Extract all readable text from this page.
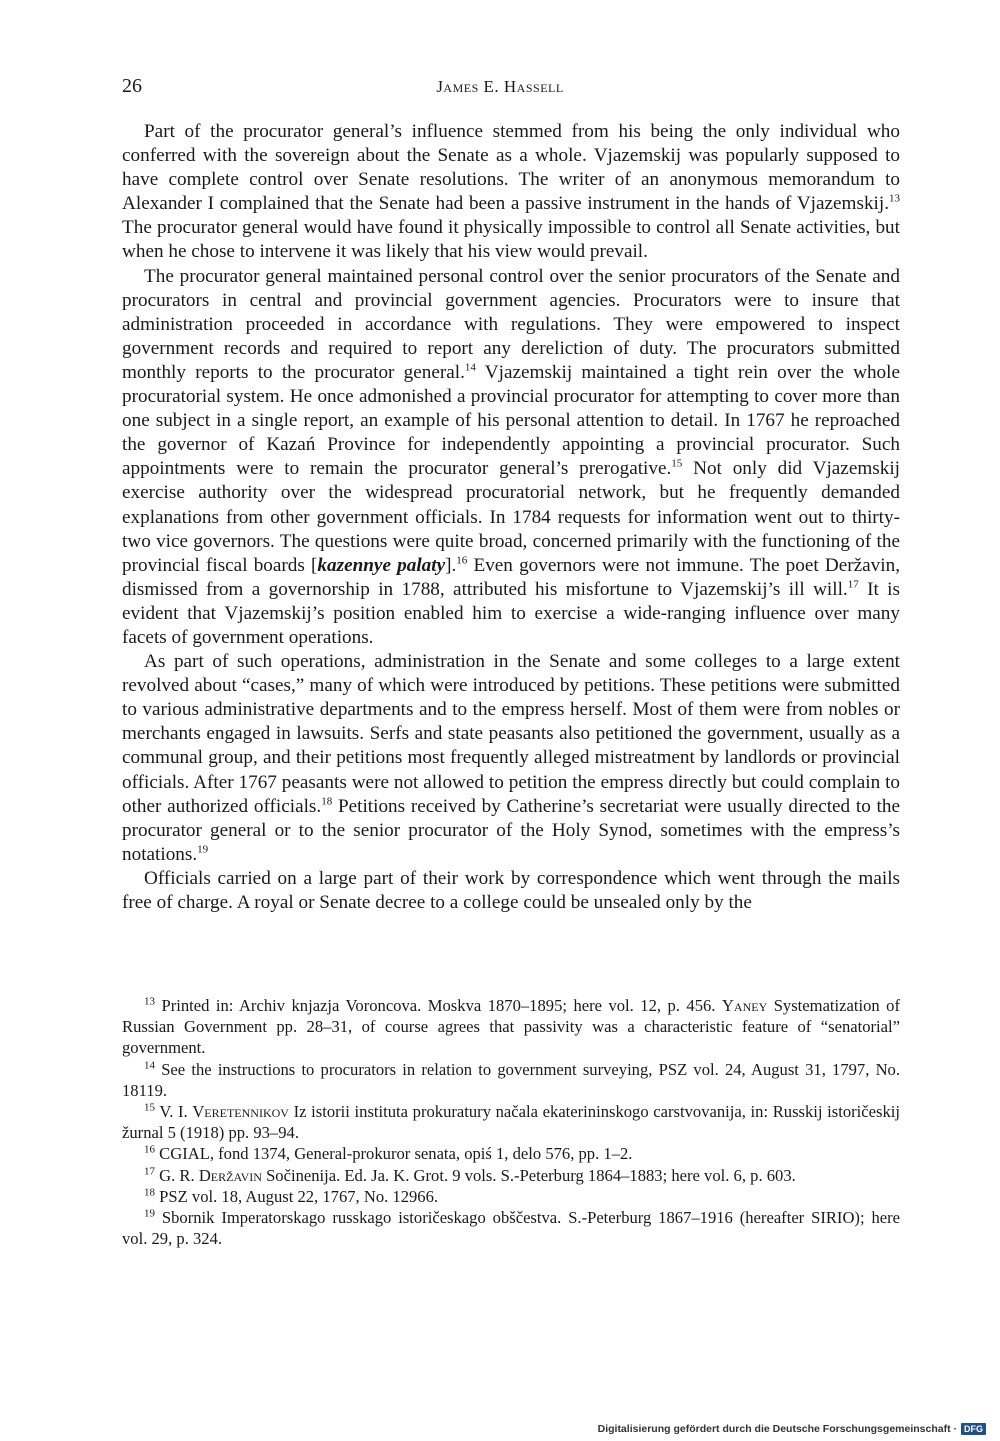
26	James E. Hassell

Part of the procurator general’s influence stemmed from his being the only individual who conferred with the sovereign about the Senate as a whole. Vjazemskij was popularly supposed to have complete control over Senate resolutions. The writer of an anonymous memorandum to Alexander I complained that the Senate had been a passive instrument in the hands of Vjazemskij.$^{13}$ The procurator general would have found it physically impossible to control all Senate activities, but when he chose to intervene it was likely that his view would prevail.

The procurator general maintained personal control over the senior procurators of the Senate and procurators in central and provincial government agencies. Procurators were to insure that administration proceeded in accordance with regulations. They were empowered to inspect government records and required to report any dereliction of duty. The procurators submitted monthly reports to the procurator general.$^{14}$ Vjazemskij maintained a tight rein over the whole procuratorial system. He once admonished a provincial procurator for attempting to cover more than one subject in a single report, an example of his personal attention to detail. In 1767 he reproached the governor of Kazań Province for independently appointing a provincial procurator. Such appointments were to remain the procurator general’s prerogative.$^{15}$ Not only did Vjazemskij exercise authority over the widespread procuratorial network, but he frequently demanded explanations from other government officials. In 1784 requests for information went out to thirty-two vice governors. The questions were quite broad, concerned primarily with the functioning of the provincial fiscal boards [kazennye palaty].$^{16}$ Even governors were not immune. The poet Deržavin, dismissed from a governorship in 1788, attributed his misfortune to Vjazemskij’s ill will.$^{17}$ It is evident that Vjazemskij’s position enabled him to exercise a wide-ranging influence over many facets of government operations.

As part of such operations, administration in the Senate and some colleges to a large extent revolved about “cases,” many of which were introduced by petitions. These petitions were submitted to various administrative departments and to the empress herself. Most of them were from nobles or merchants engaged in lawsuits. Serfs and state peasants also petitioned the government, usually as a communal group, and their petitions most frequently alleged mistreatment by landlords or provincial officials. After 1767 peasants were not allowed to petition the empress directly but could complain to other authorized officials.$^{18}$ Petitions received by Catherine’s secretariat were usually directed to the procurator general or to the senior procurator of the Holy Synod, sometimes with the empress’s notations.$^{19}$

Officials carried on a large part of their work by correspondence which went through the mails free of charge. A royal or Senate decree to a college could be unsealed only by the

$^{13}$ Printed in: Archiv knjazja Voroncova. Moskva 1870–1895; here vol. 12, p. 456. Yaney Systematization of Russian Government pp. 28–31, of course agrees that passivity was a characteristic feature of “senatorial” government.

$^{14}$ See the instructions to procurators in relation to government surveying, PSZ vol. 24, August 31, 1797, No. 18119.

$^{15}$ V. I. Veretennikov Iz istorii instituta prokuratury načala ekaterininskogo carstvovanija, in: Russkij istoričeskij žurnal 5 (1918) pp. 93–94.

$^{16}$ CGIAL, fond 1374, General-prokuror senata, opiś 1, delo 576, pp. 1–2.

$^{17}$ G. R. Deržavin Sočinenija. Ed. Ja. K. Grot. 9 vols. S.-Peterburg 1864–1883; here vol. 6, p. 603.

$^{18}$ PSZ vol. 18, August 22, 1767, No. 12966.

$^{19}$ Sbornik Imperatorskago russkago istoričeskago obščestva. S.-Peterburg 1867–1916 (hereafter SIRIO); here vol. 29, p. 324.

Digitalisierung gefördert durch die Deutsche Forschungsgemeinschaft · DFG
